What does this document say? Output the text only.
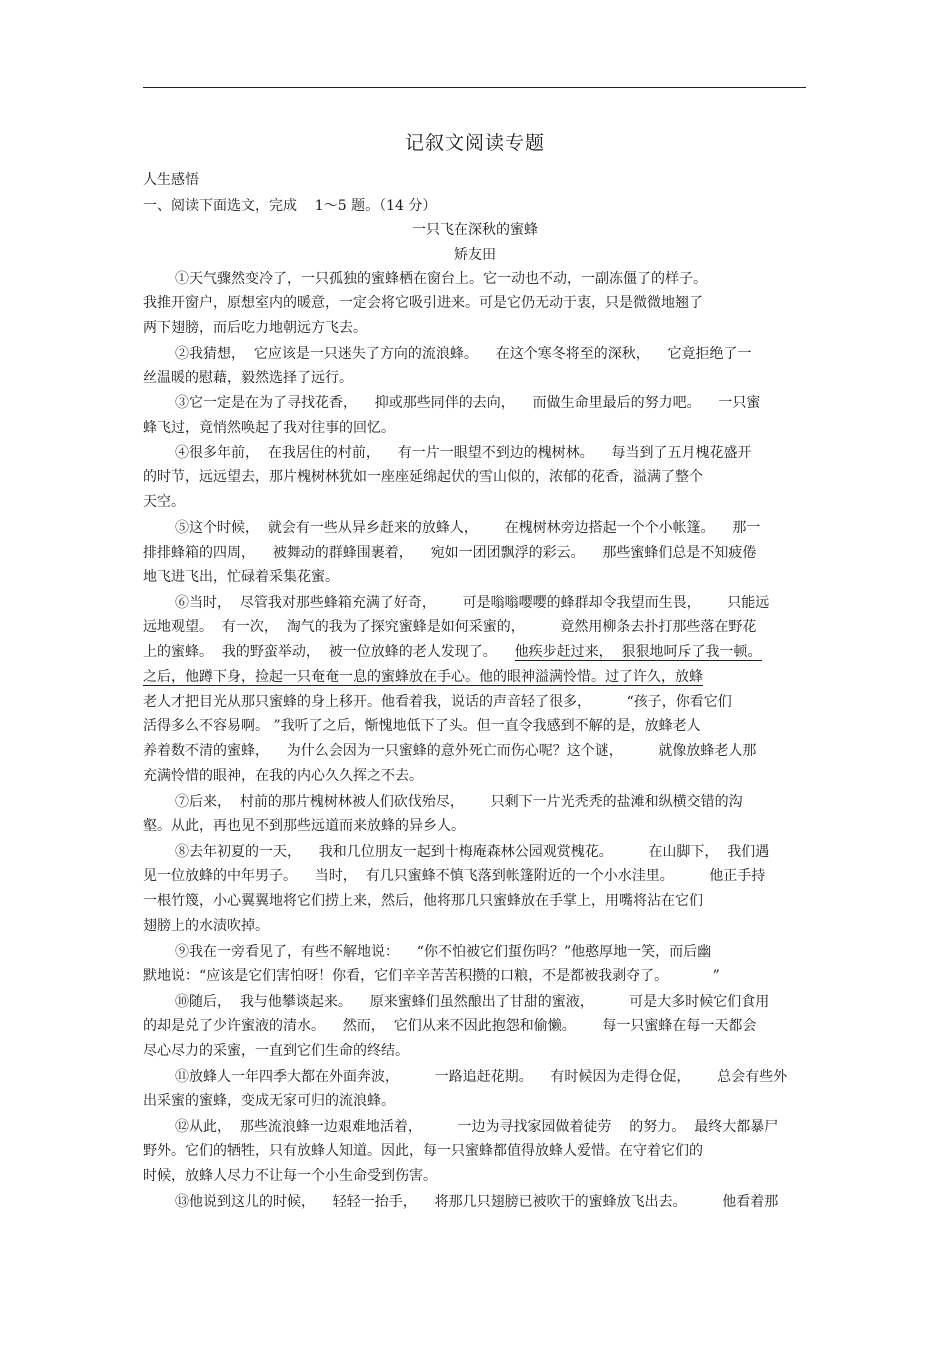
记叙文阅读专题
人生感悟
一、阅读下面选文，完成    1～5 题。（14 分）
一只飞在深秋的蜜蜂
矫友田
①天气骤然变冷了，一只孤独的蜜蜂栖在窗台上。它一动也不动，一副冻僵了的样子。
我推开窗户，原想室内的暖意，一定会将它吸引进来。可是它仍无动于衷，只是微微地翘了
两下翅膀，而后吃力地朝远方飞去。
②我猜想，  它应该是一只迷失了方向的流浪蜂。    在这个寒冬将至的深秋，    它竟拒绝了一
丝温暖的慰藉，毅然选择了远行。
③它一定是在为了寻找花香，    抑或那些同伴的去向，    而做生命里最后的努力吧。    一只蜜
蜂飞过，竟悄然唤起了我对往事的回忆。
④很多年前，  在我居住的村前，    有一片一眼望不到边的槐树林。    每当到了五月槐花盛开
的时节，远远望去，那片槐树林犹如一座座延绵起伏的雪山似的，浓郁的花香，溢满了整个
天空。
⑤这个时候，  就会有一些从异乡赶来的放蜂人，      在槐树林旁边搭起一个个小帐篷。    那一
排排蜂箱的四周，    被舞动的群蜂围裹着，    宛如一团团飘浮的彩云。    那些蜜蜂们总是不知疲倦
地飞进飞出，忙碌着采集花蜜。
⑥当时，  尽管我对那些蜂箱充满了好奇，      可是嗡嗡嘤嘤的蜂群却令我望而生畏，      只能远
远地观望。  有一次，  淘气的我为了探究蜜蜂是如何采蜜的，        竟然用柳条去扑打那些落在野花
上的蜜蜂。  我的野蛮举动，  被一位放蜂的老人发现了。    他疾步赶过来，  狠狠地呵斥了我一顿。
之后，他蹲下身，捡起一只奄奄一息的蜜蜂放在手心。他的眼神溢满怜惜。过了许久，放蜂
老人才把目光从那只蜜蜂的身上移开。他看着我，说话的声音轻了很多，        “孩子，你看它们
活得多么不容易啊。 ”我听了之后，惭愧地低下了头。但一直令我感到不解的是，放蜂老人
养着数不清的蜜蜂，    为什么会因为一只蜜蜂的意外死亡而伤心呢？这个谜，        就像放蜂老人那
充满怜惜的眼神，在我的内心久久挥之不去。
⑦后来，  村前的那片槐树林被人们砍伐殆尽，      只剩下一片光秃秃的盐滩和纵横交错的沟
壑。从此，再也见不到那些远道而来放蜂的异乡人。
⑧去年初夏的一天，    我和几位朋友一起到十梅庵森林公园观赏槐花。        在山脚下，  我们遇
见一位放蜂的中年男子。    当时，  有几只蜜蜂不慎飞落到帐篷附近的一个小水洼里。        他正手持
一根竹篾，小心翼翼地将它们捞上来，然后，他将那几只蜜蜂放在手掌上，用嘴将沾在它们
翅膀上的水渍吹掉。
⑨我在一旁看见了，有些不解地说：    “你不怕被它们蜇伤吗？”他憨厚地一笑，而后幽
默地说：“应该是它们害怕呀！你看，它们辛辛苦苦积攒的口粮，不是都被我剥夺了。          ”
⑩随后，  我与他攀谈起来。    原来蜜蜂们虽然酿出了甘甜的蜜液，        可是大多时候它们食用
的却是兑了少许蜜液的清水。    然而，  它们从来不因此抱怨和偷懒。      每一只蜜蜂在每一天都会
尽心尽力的采蜜，一直到它们生命的终结。
⑪放蜂人一年四季大都在外面奔波，        一路追赶花期。    有时候因为走得仓促，      总会有些外
出采蜜的蜜蜂，变成无家可归的流浪蜂。
⑫从此，  那些流浪蜂一边艰难地活着，        一边为寻找家园做着徒劳    的努力。  最终大都暴尸
野外。它们的牺牲，只有放蜂人知道。因此，每一只蜜蜂都值得放蜂人爱惜。在守着它们的
时候，放蜂人尽力不让每一个小生命受到伤害。
⑬他说到这儿的时候，    轻轻一抬手，    将那几只翅膀已被吹干的蜜蜂放飞出去。        他看着那
